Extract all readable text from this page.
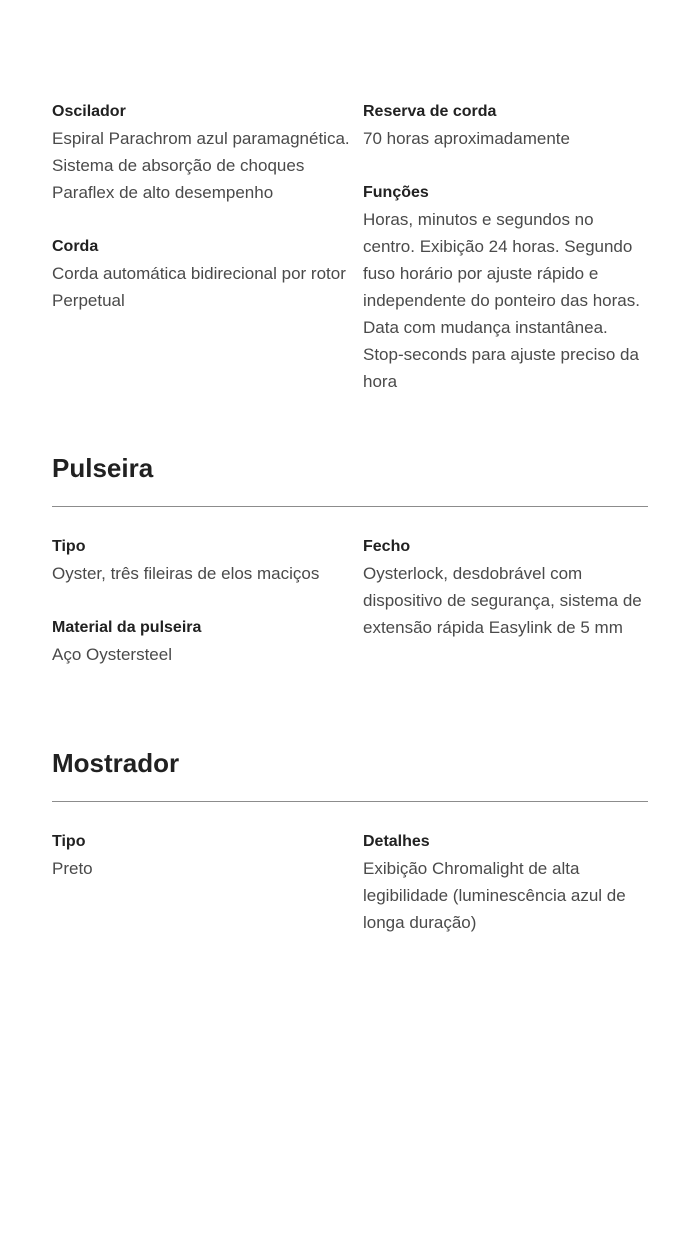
Oscilador
Espiral Parachrom azul paramagnética. Sistema de absorção de choques Paraflex de alto desempenho
Corda
Corda automática bidirecional por rotor Perpetual
Reserva de corda
70 horas aproximadamente
Funções
Horas, minutos e segundos no centro. Exibição 24 horas. Segundo fuso horário por ajuste rápido e independente do ponteiro das horas. Data com mudança instantânea. Stop-seconds para ajuste preciso da hora
Pulseira
Tipo
Oyster, três fileiras de elos maciços
Material da pulseira
Aço Oystersteel
Fecho
Oysterlock, desdobrável com dispositivo de segurança, sistema de extensão rápida Easylink de 5 mm
Mostrador
Tipo
Preto
Detalhes
Exibição Chromalight de alta legibilidade (luminescência azul de longa duração)
